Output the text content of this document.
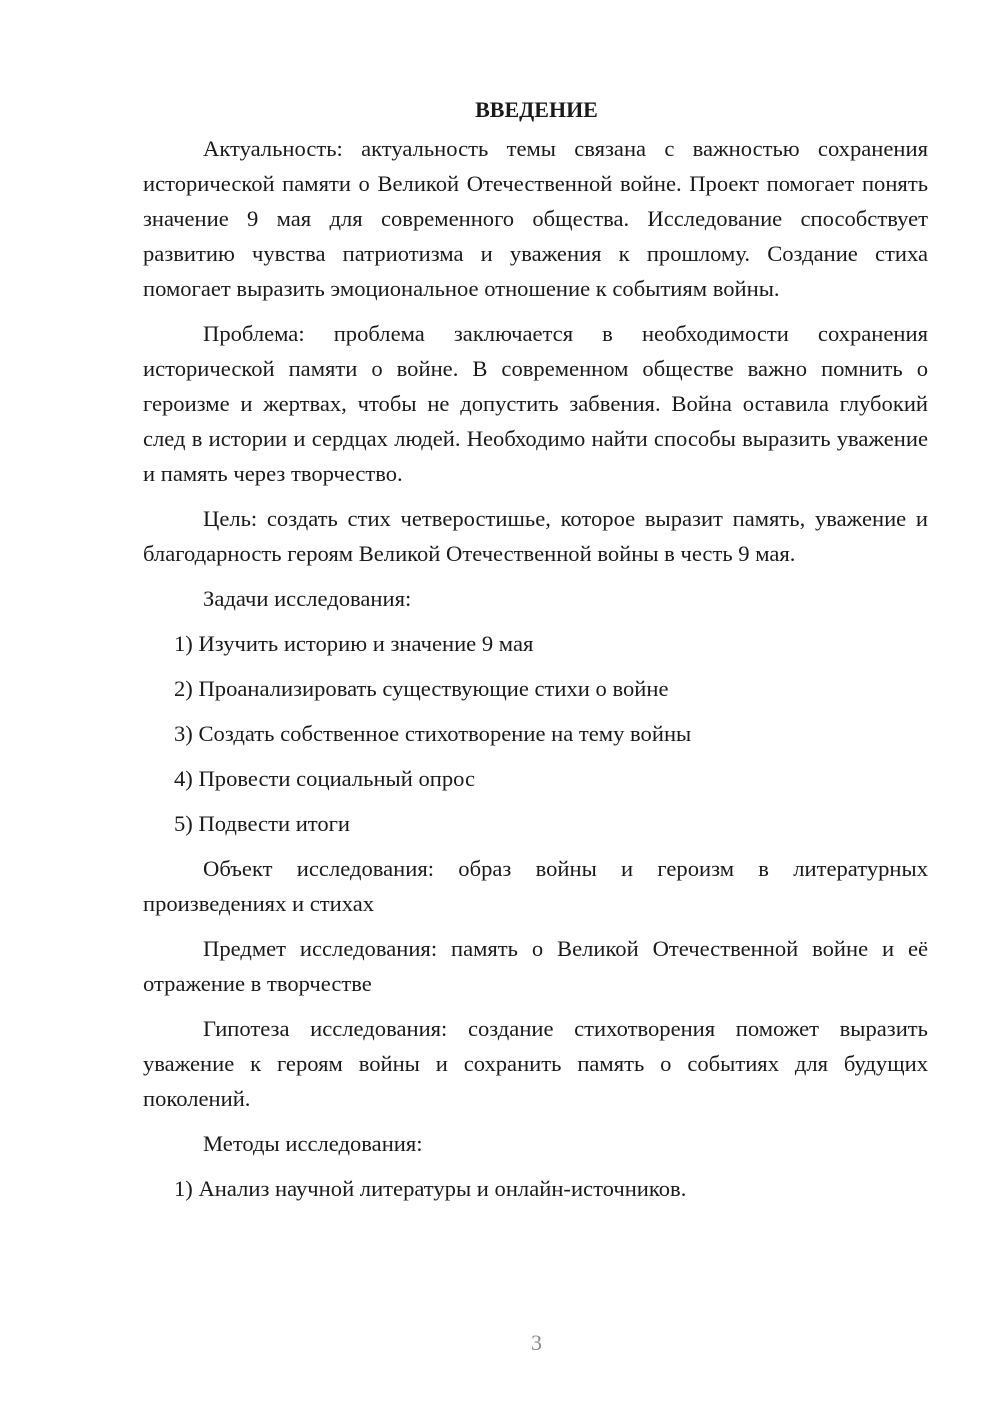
ВВЕДЕНИЕ

Актуальность: актуальность темы связана с важностью сохранения исторической памяти о Великой Отечественной войне. Проект помогает понять значение 9 мая для современного общества. Исследование способствует развитию чувства патриотизма и уважения к прошлому. Создание стиха помогает выразить эмоциональное отношение к событиям войны.

Проблема: проблема заключается в необходимости сохранения исторической памяти о войне. В современном обществе важно помнить о героизме и жертвах, чтобы не допустить забвения. Война оставила глубокий след в истории и сердцах людей. Необходимо найти способы выразить уважение и память через творчество.

Цель: создать стих четверостишье, которое выразит память, уважение и благодарность героям Великой Отечественной войны в честь 9 мая.

Задачи исследования:

1) Изучить историю и значение 9 мая
2) Проанализировать существующие стихи о войне
3) Создать собственное стихотворение на тему войны
4) Провести социальный опрос
5) Подвести итоги

Объект исследования: образ войны и героизм в литературных произведениях и стихах

Предмет исследования: память о Великой Отечественной войне и её отражение в творчестве

Гипотеза исследования: создание стихотворения поможет выразить уважение к героям войны и сохранить память о событиях для будущих поколений.

Методы исследования:

1) Анализ научной литературы и онлайн-источников.
3
